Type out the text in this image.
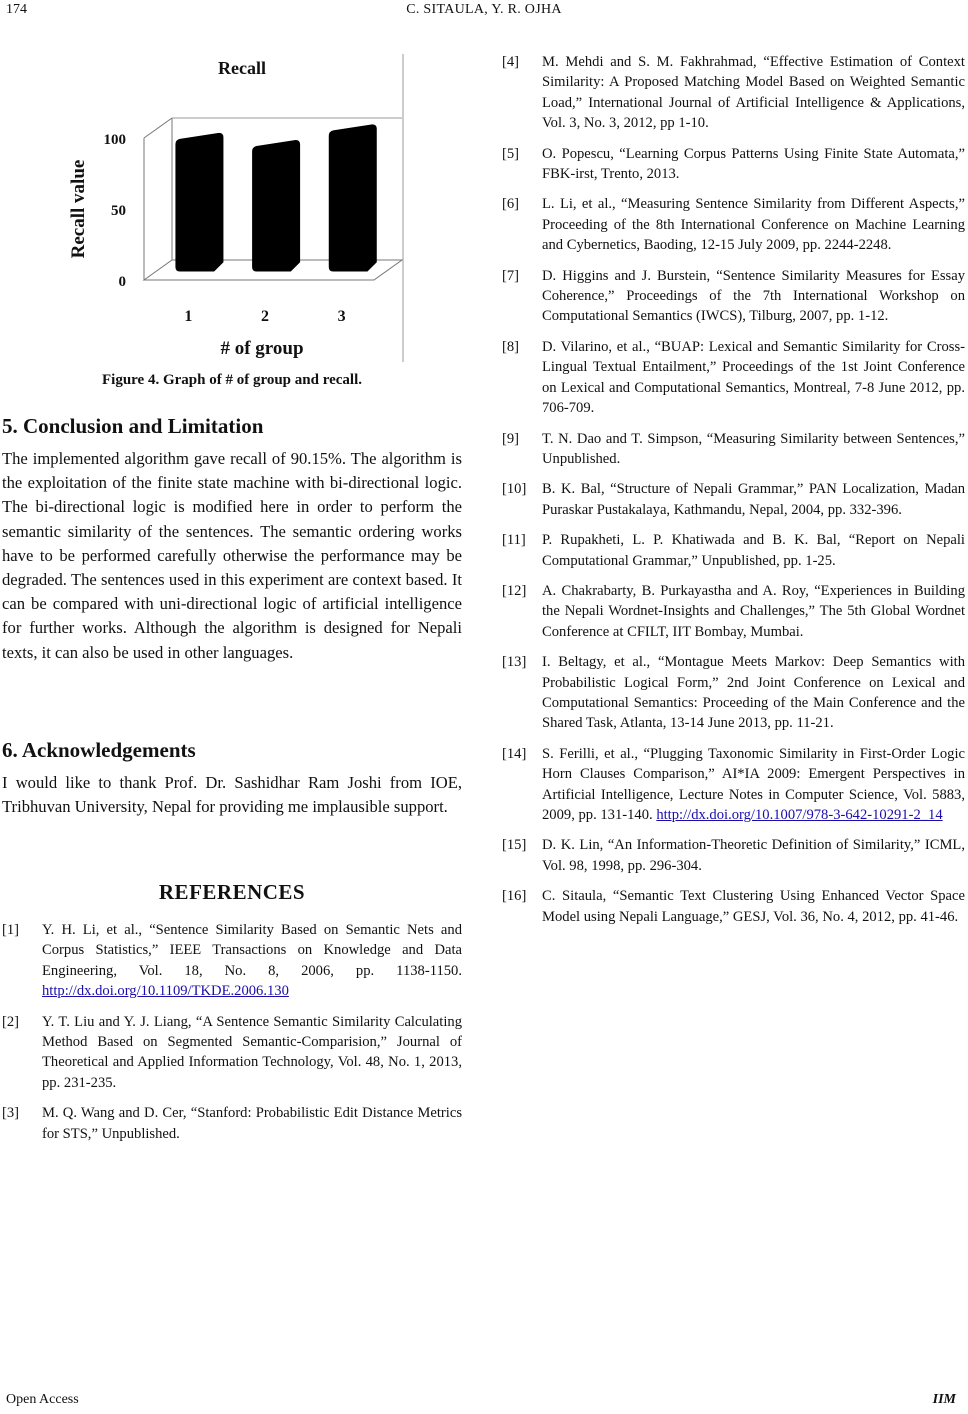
174	C. SITAULA, Y. R. OJHA
0
50
100
1	2	3
Recall
# of group
Recall value
Figure 4. Graph of # of group and recall.
5. Conclusion and Limitation

The implemented algorithm gave recall of 90.15%. The algorithm is the exploitation of the finite state machine with bi-directional logic. The bi-directional logic is modified here in order to perform the semantic similarity of the sentences. The semantic ordering works have to be performed carefully otherwise the performance may be degraded. The sentences used in this experiment are context based. It can be compared with uni-directional logic of artificial intelligence for further works. Although the algorithm is designed for Nepali texts, it can also be used in other languages.

6. Acknowledgements

I would like to thank Prof. Dr. Sashidhar Ram Joshi from IOE, Tribhuvan University, Nepal for providing me implausible support.

REFERENCES
[1]	Y. H. Li, et al., “Sentence Similarity Based on Semantic Nets and Corpus Statistics,” IEEE Transactions on Knowledge and Data Engineering, Vol. 18, No. 8, 2006, pp. 1138-1150. http://dx.doi.org/10.1109/TKDE.2006.130
[2]	Y. T. Liu and Y. J. Liang, “A Sentence Semantic Similarity Calculating Method Based on Segmented Semantic-Comparision,” Journal of Theoretical and Applied Information Technology, Vol. 48, No. 1, 2013, pp. 231-235.
[3]	M. Q. Wang and D. Cer, “Stanford: Probabilistic Edit Distance Metrics for STS,” Unpublished.
[4]	M. Mehdi and S. M. Fakhrahmad, “Effective Estimation of Context Similarity: A Proposed Matching Model Based on Weighted Semantic Load,” International Journal of Artificial Intelligence & Applications, Vol. 3, No. 3, 2012, pp 1-10.
[5]	O. Popescu, “Learning Corpus Patterns Using Finite State Automata,” FBK-irst, Trento, 2013.
[6]	L. Li, et al., “Measuring Sentence Similarity from Different Aspects,” Proceeding of the 8th International Conference on Machine Learning and Cybernetics, Baoding, 12-15 July 2009, pp. 2244-2248.
[7]	D. Higgins and J. Burstein, “Sentence Similarity Measures for Essay Coherence,” Proceedings of the 7th International Workshop on Computational Semantics (IWCS), Tilburg, 2007, pp. 1-12.
[8]	D. Vilarino, et al., “BUAP: Lexical and Semantic Similarity for Cross-Lingual Textual Entailment,” Proceedings of the 1st Joint Conference on Lexical and Computational Semantics, Montreal, 7-8 June 2012, pp. 706-709.
[9]	T. N. Dao and T. Simpson, “Measuring Similarity between Sentences,” Unpublished.
[10]	B. K. Bal, “Structure of Nepali Grammar,” PAN Localization, Madan Puraskar Pustakalaya, Kathmandu, Nepal, 2004, pp. 332-396.
[11]	P. Rupakheti, L. P. Khatiwada and B. K. Bal, “Report on Nepali Computational Grammar,” Unpublished, pp. 1-25.
[12]	A. Chakrabarty, B. Purkayastha and A. Roy, “Experiences in Building the Nepali Wordnet-Insights and Challenges,” The 5th Global Wordnet Conference at CFILT, IIT Bombay, Mumbai.
[13]	I. Beltagy, et al., “Montague Meets Markov: Deep Semantics with Probabilistic Logical Form,” 2nd Joint Conference on Lexical and Computational Semantics: Proceeding of the Main Conference and the Shared Task, Atlanta, 13-14 June 2013, pp. 11-21.
[14]	S. Ferilli, et al., “Plugging Taxonomic Similarity in First-Order Logic Horn Clauses Comparison,” AI*IA 2009: Emergent Perspectives in Artificial Intelligence, Lecture Notes in Computer Science, Vol. 5883, 2009, pp. 131-140. http://dx.doi.org/10.1007/978-3-642-10291-2_14
[15]	D. K. Lin, “An Information-Theoretic Definition of Similarity,” ICML, Vol. 98, 1998, pp. 296-304.
[16]	C. Sitaula, “Semantic Text Clustering Using Enhanced Vector Space Model using Nepali Language,” GESJ, Vol. 36, No. 4, 2012, pp. 41-46.
Open Access	IIM
